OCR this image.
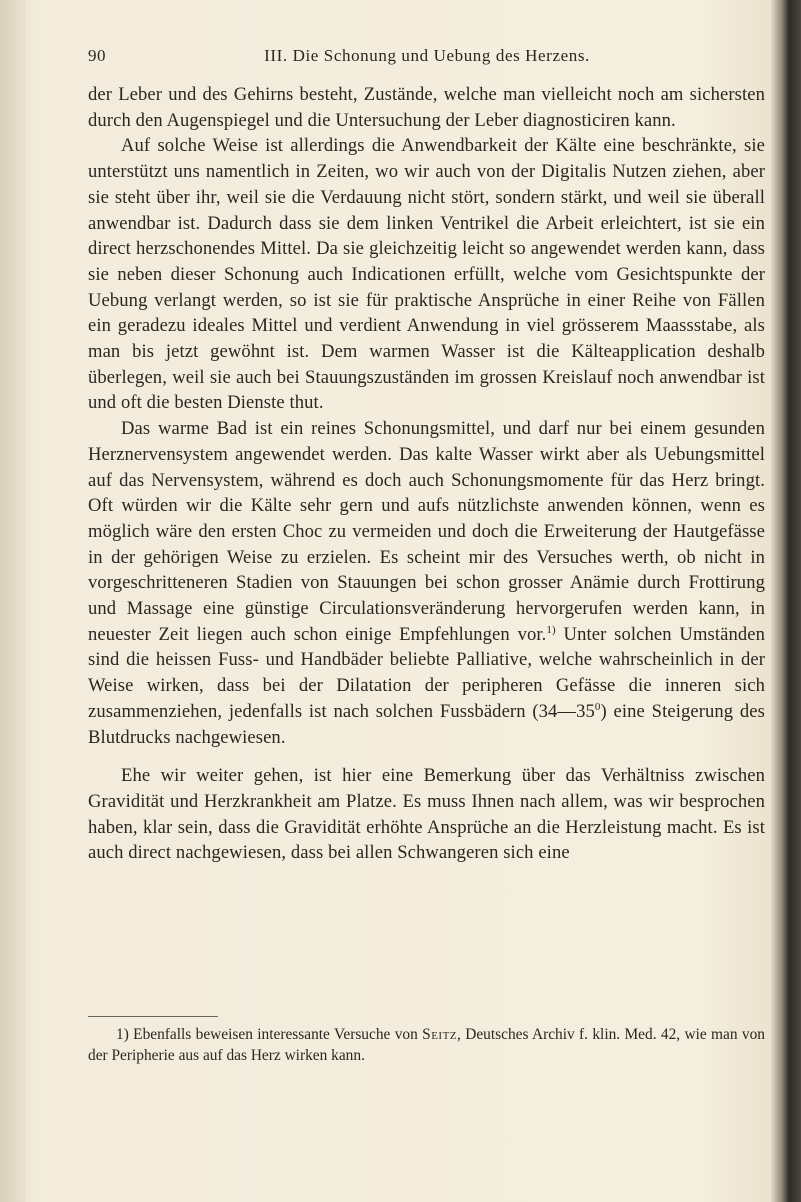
90	III. Die Schonung und Uebung des Herzens.

der Leber und des Gehirns besteht, Zustände, welche man vielleicht noch am sichersten durch den Augenspiegel und die Untersuchung der Leber diagnosticiren kann.

Auf solche Weise ist allerdings die Anwendbarkeit der Kälte eine beschränkte, sie unterstützt uns namentlich in Zeiten, wo wir auch von der Digitalis Nutzen ziehen, aber sie steht über ihr, weil sie die Verdauung nicht stört, sondern stärkt, und weil sie überall anwendbar ist. Dadurch dass sie dem linken Ventrikel die Arbeit erleichtert, ist sie ein direct herzschonendes Mittel. Da sie gleichzeitig leicht so angewendet werden kann, dass sie neben dieser Schonung auch Indicationen erfüllt, welche vom Gesichtspunkte der Uebung verlangt werden, so ist sie für praktische Ansprüche in einer Reihe von Fällen ein geradezu ideales Mittel und verdient Anwendung in viel grösserem Maassstabe, als man bis jetzt gewöhnt ist. Dem warmen Wasser ist die Kälteapplication deshalb überlegen, weil sie auch bei Stauungszuständen im grossen Kreislauf noch anwendbar ist und oft die besten Dienste thut.

Das warme Bad ist ein reines Schonungsmittel, und darf nur bei einem gesunden Herznervensystem angewendet werden. Das kalte Wasser wirkt aber als Uebungsmittel auf das Nervensystem, während es doch auch Schonungsmomente für das Herz bringt. Oft würden wir die Kälte sehr gern und aufs nützlichste anwenden können, wenn es möglich wäre den ersten Choc zu vermeiden und doch die Erweiterung der Hautgefässe in der gehörigen Weise zu erzielen. Es scheint mir des Versuches werth, ob nicht in vorgeschritteneren Stadien von Stauungen bei schon grosser Anämie durch Frottirung und Massage eine günstige Circulationsveränderung hervorgerufen werden kann, in neuester Zeit liegen auch schon einige Empfehlungen vor.$^{1)}$ Unter solchen Umständen sind die heissen Fuss- und Handbäder beliebte Palliative, welche wahrscheinlich in der Weise wirken, dass bei der Dilatation der peripheren Gefässe die inneren sich zusammenziehen, jedenfalls ist nach solchen Fussbädern $(34—35^0)$ eine Steigerung des Blutdrucks nachgewiesen.

Ehe wir weiter gehen, ist hier eine Bemerkung über das Verhältniss zwischen Gravidität und Herzkrankheit am Platze. Es muss Ihnen nach allem, was wir besprochen haben, klar sein, dass die Gravidität erhöhte Ansprüche an die Herzleistung macht. Es ist auch direct nachgewiesen, dass bei allen Schwangeren sich eine

1) Ebenfalls beweisen interessante Versuche von Seitz, Deutsches Archiv f. klin. Med. 42, wie man von der Peripherie aus auf das Herz wirken kann.
